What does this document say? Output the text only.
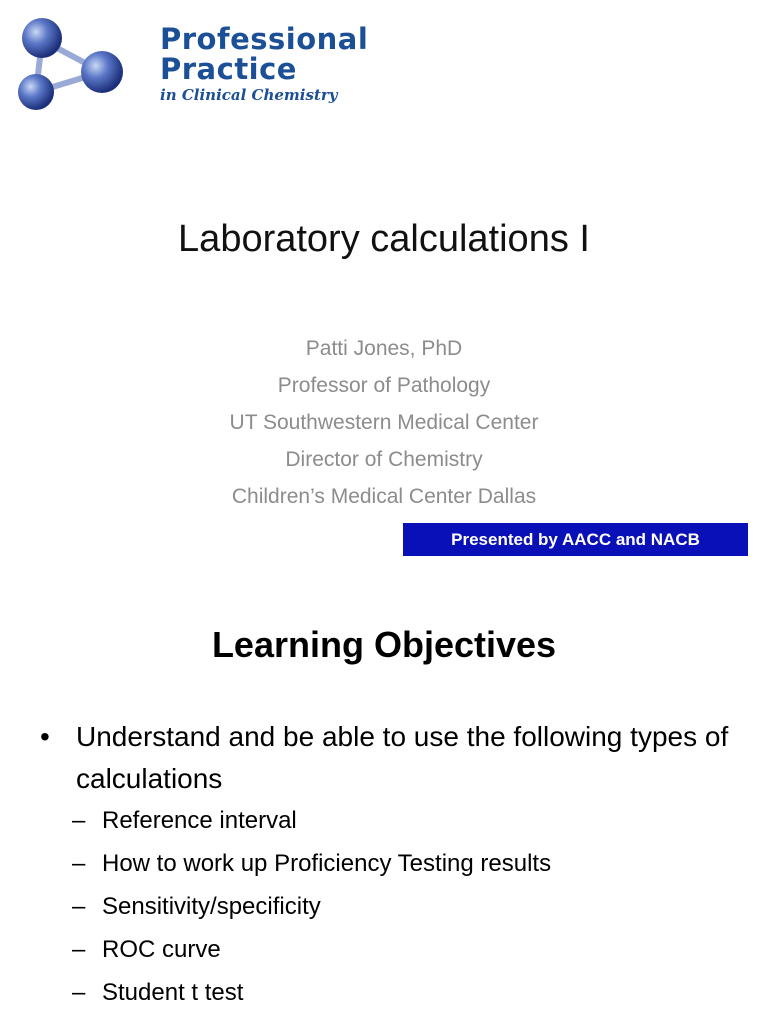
Professional
Practice
in Clinical Chemistry
Laboratory calculations I
Patti Jones, PhD
Professor of Pathology
UT Southwestern Medical Center
Director of Chemistry
Children’s Medical Center Dallas
Presented by AACC and NACB
Learning Objectives
• Understand and be able to use the following types of calculations
– Reference interval
– How to work up Proficiency Testing results
– Sensitivity/specificity
– ROC curve
– Student t test
